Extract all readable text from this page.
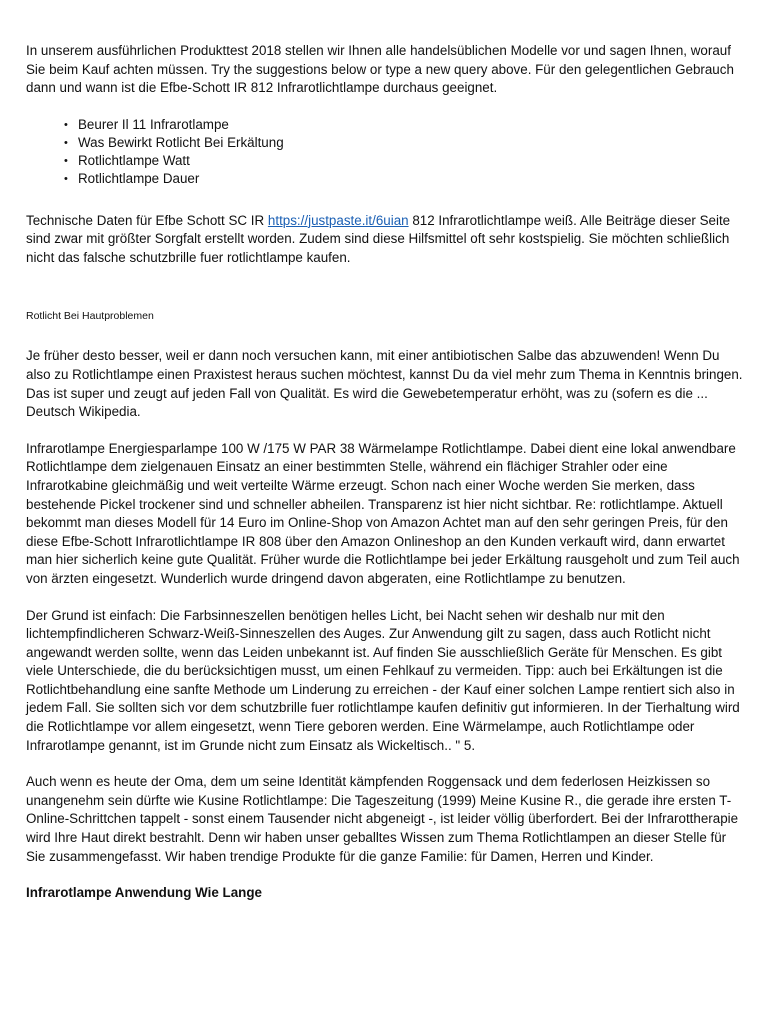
In unserem ausführlichen Produkttest 2018 stellen wir Ihnen alle handelsüblichen Modelle vor und sagen Ihnen, worauf Sie beim Kauf achten müssen. Try the suggestions below or type a new query above. Für den gelegentlichen Gebrauch dann und wann ist die Efbe-Schott IR 812 Infrarotlichtlampe durchaus geeignet.

• Beurer Il 11 Infrarotlampe
• Was Bewirkt Rotlicht Bei Erkältung
• Rotlichtlampe Watt
• Rotlichtlampe Dauer

Technische Daten für Efbe Schott SC IR https://justpaste.it/6uian 812 Infrarotlichtlampe weiß. Alle Beiträge dieser Seite sind zwar mit größter Sorgfalt erstellt worden. Zudem sind diese Hilfsmittel oft sehr kostspielig. Sie möchten schließlich nicht das falsche schutzbrille fuer rotlichtlampe kaufen.

Rotlicht Bei Hautproblemen

Je früher desto besser, weil er dann noch versuchen kann, mit einer antibiotischen Salbe das abzuwenden! Wenn Du also zu Rotlichtlampe einen Praxistest heraus suchen möchtest, kannst Du da viel mehr zum Thema in Kenntnis bringen. Das ist super und zeugt auf jeden Fall von Qualität. Es wird die Gewebetemperatur erhöht, was zu (sofern es die ... Deutsch Wikipedia.

Infrarotlampe Energiesparlampe 100 W /175 W PAR 38 Wärmelampe Rotlichtlampe. Dabei dient eine lokal anwendbare Rotlichtlampe dem zielgenauen Einsatz an einer bestimmten Stelle, während ein flächiger Strahler oder eine Infrarotkabine gleichmäßig und weit verteilte Wärme erzeugt. Schon nach einer Woche werden Sie merken, dass bestehende Pickel trockener sind und schneller abheilen. Transparenz ist hier nicht sichtbar. Re: rotlichtlampe. Aktuell bekommt man dieses Modell für 14 Euro im Online-Shop von Amazon Achtet man auf den sehr geringen Preis, für den diese Efbe-Schott Infrarotlichtlampe IR 808 über den Amazon Onlineshop an den Kunden verkauft wird, dann erwartet man hier sicherlich keine gute Qualität. Früher wurde die Rotlichtlampe bei jeder Erkältung rausgeholt und zum Teil auch von ärzten eingesetzt. Wunderlich wurde dringend davon abgeraten, eine Rotlichtlampe zu benutzen.

Der Grund ist einfach: Die Farbsinneszellen benötigen helles Licht, bei Nacht sehen wir deshalb nur mit den lichtempfindlicheren Schwarz-Weiß-Sinneszellen des Auges. Zur Anwendung gilt zu sagen, dass auch Rotlicht nicht angewandt werden sollte, wenn das Leiden unbekannt ist. Auf finden Sie ausschließlich Geräte für Menschen. Es gibt viele Unterschiede, die du berücksichtigen musst, um einen Fehlkauf zu vermeiden. Tipp: auch bei Erkältungen ist die Rotlichtbehandlung eine sanfte Methode um Linderung zu erreichen - der Kauf einer solchen Lampe rentiert sich also in jedem Fall. Sie sollten sich vor dem schutzbrille fuer rotlichtlampe kaufen definitiv gut informieren. In der Tierhaltung wird die Rotlichtlampe vor allem eingesetzt, wenn Tiere geboren werden. Eine Wärmelampe, auch Rotlichtlampe oder Infrarotlampe genannt, ist im Grunde nicht zum Einsatz als Wickeltisch.. " 5.

Auch wenn es heute der Oma, dem um seine Identität kämpfenden Roggensack und dem federlosen Heizkissen so unangenehm sein dürfte wie Kusine Rotlichtlampe: Die Tageszeitung (1999) Meine Kusine R., die gerade ihre ersten T-Online-Schrittchen tappelt - sonst einem Tausender nicht abgeneigt -, ist leider völlig überfordert. Bei der Infrarottherapie wird Ihre Haut direkt bestrahlt. Denn wir haben unser geballtes Wissen zum Thema Rotlichtlampen an dieser Stelle für Sie zusammengefasst. Wir haben trendige Produkte für die ganze Familie: für Damen, Herren und Kinder.

Infrarotlampe Anwendung Wie Lange
